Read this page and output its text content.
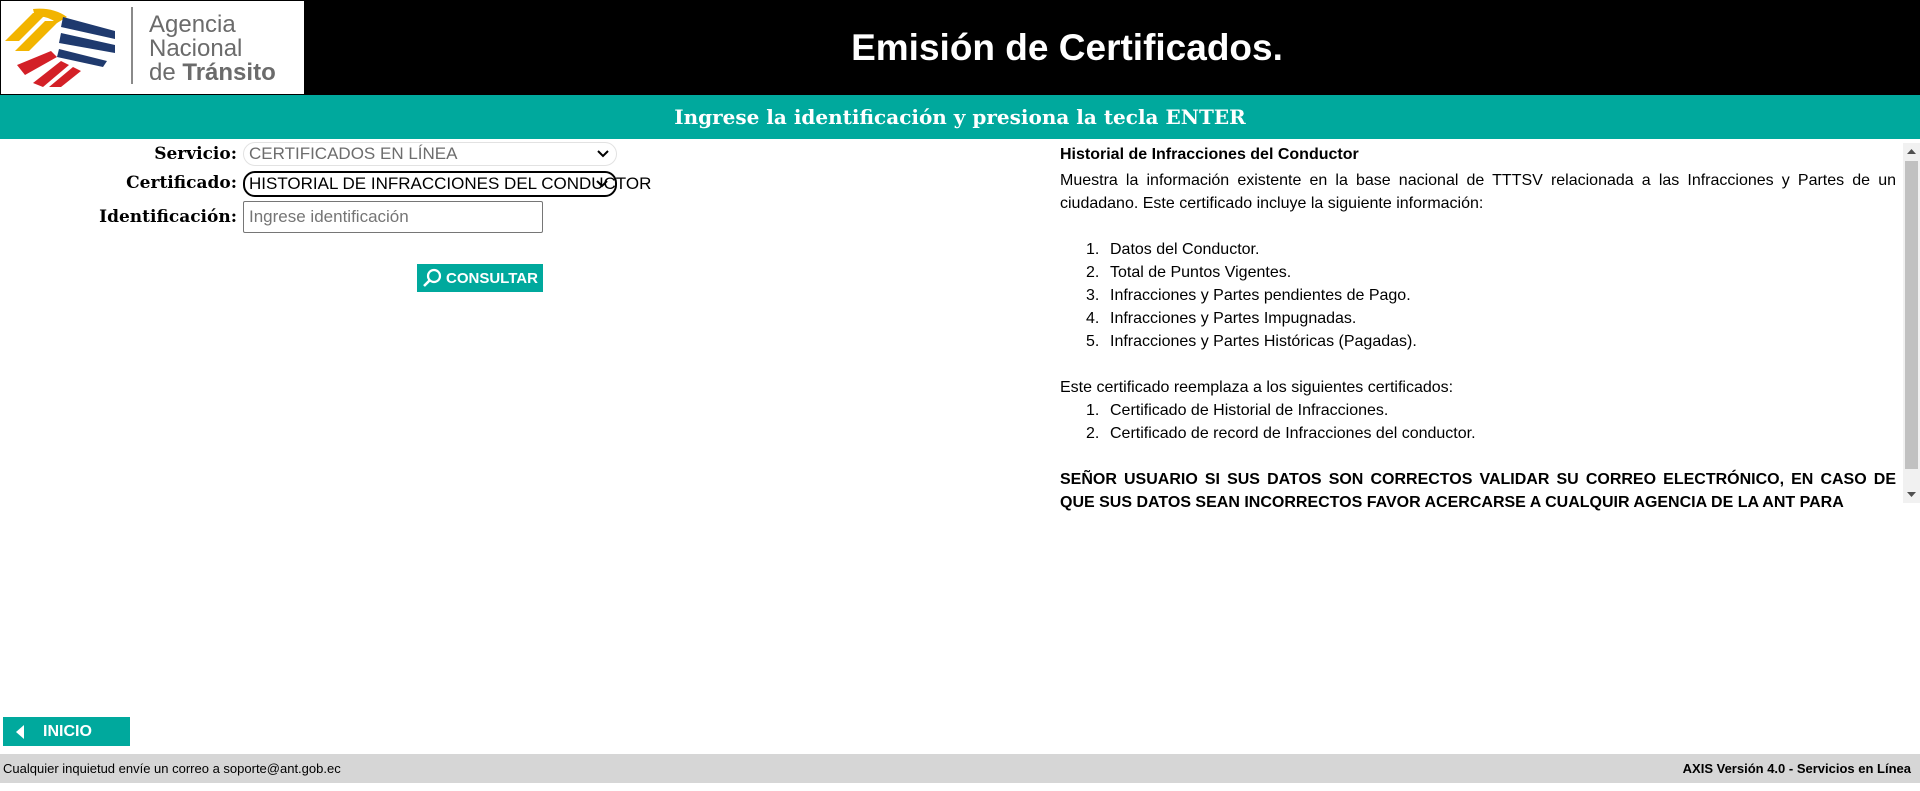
Agencia
Nacional
de Tránsito
Emisión de Certificados.
Ingrese la identificación y presiona la tecla ENTER
Servicio: CERTIFICADOS EN LÍNEA
Certificado: HISTORIAL DE INFRACCIONES DEL CONDUCTOR
Identificación: Ingrese identificación
CONSULTAR
Historial de Infracciones del Conductor
Muestra la información existente en la base nacional de TTTSV relacionada a las Infracciones y Partes de un ciudadano. Este certificado incluye la siguiente información:
1. Datos del Conductor.
2. Total de Puntos Vigentes.
3. Infracciones y Partes pendientes de Pago.
4. Infracciones y Partes Impugnadas.
5. Infracciones y Partes Históricas (Pagadas).
Este certificado reemplaza a los siguientes certificados:
1. Certificado de Historial de Infracciones.
2. Certificado de record de Infracciones del conductor.
SEÑOR USUARIO SI SUS DATOS SON CORRECTOS VALIDAR SU CORREO ELECTRÓNICO, EN CASO DE QUE SUS DATOS SEAN INCORRECTOS FAVOR ACERCARSE A CUALQUIR AGENCIA DE LA ANT PARA
INICIO
Cualquier inquietud envíe un correo a soporte@ant.gob.ec	AXIS Versión 4.0 - Servicios en Línea
